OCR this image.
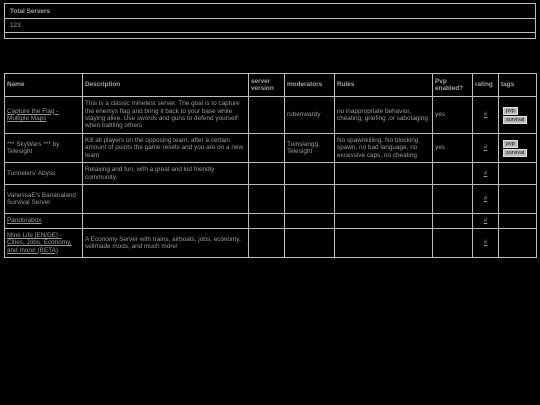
Total Servers
123

Name	Description	server version	moderators	Rules	Pvp enabled?	rating	tags
Capture the Flag - Multiple Maps	This is a classic minetest server. The goal is to capture the enemys flag and bring it back to your base while staying alive. Use swords and guns to defend yourself when battling others		rubenwardy	no inappropriate behavior, cheating, griefing ,or sabotaging	yes	#	pvp
survival

*** SkyWars *** by Telesight	Kill all players on the opposing team, after a certain amount of points the game resets and you are on a new team		Tuinslangg, Telesight	No spawnkilling, No blocking spawn, no bad language, no excessive caps, no cheating	yes	#	pvp
survival

Tunnelers' Abyss	Relaxing and fun, with a great and kid friendly community.					#	
VanessaE's Bananaland Survival Server						#	
Pandorabox						#	
Mine Life [EN/DE] - Cities, Jobs, Economy, and more! (BETA)	A Economy Server with trains, airboats, jobs, economy, sellmade mods, and much more!					#	
